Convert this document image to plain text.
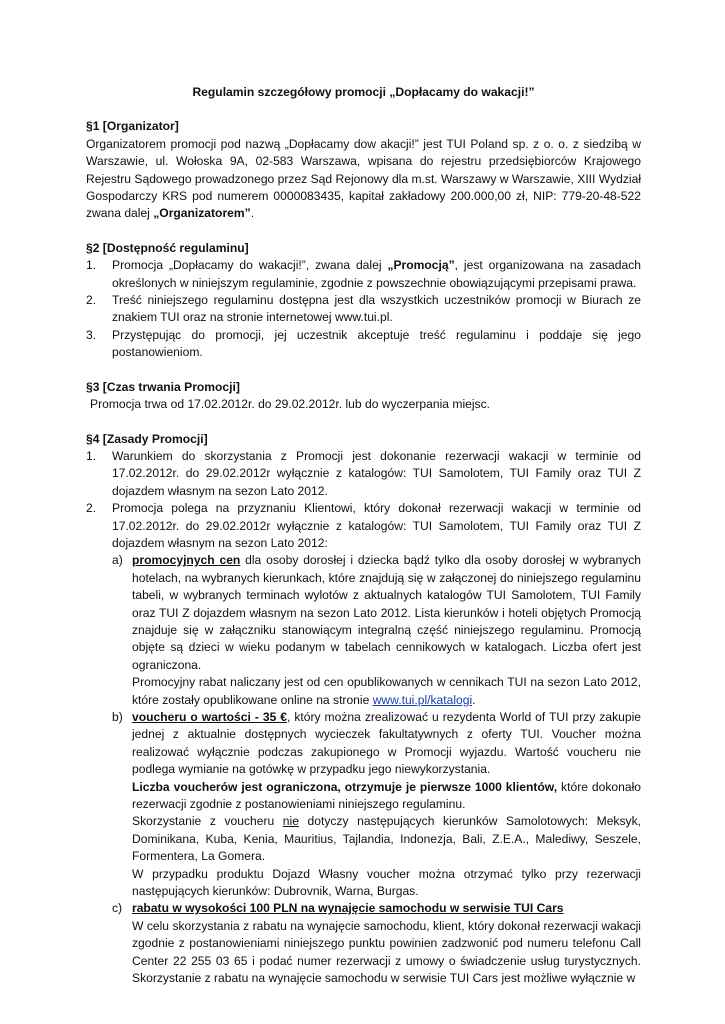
Regulamin szczegółowy promocji „Dopłacamy do wakacji!”

§1 [Organizator]

Organizatorem promocji pod nazwą „Dopłacamy dow akacji!” jest TUI Poland sp. z o. o. z siedzibą w Warszawie, ul. Wołoska 9A, 02-583 Warszawa, wpisana do rejestru przedsiębiorców Krajowego Rejestru Sądowego prowadzonego przez Sąd Rejonowy dla m.st. Warszawy w Warszawie, XIII Wydział Gospodarczy KRS pod numerem 0000083435, kapitał zakładowy 200.000,00 zł, NIP: 779-20-48-522 zwana dalej „Organizatorem”.

§2 [Dostępność regulaminu]

1.	Promocja „Dopłacamy do wakacji!”, zwana dalej „Promocją”, jest organizowana na zasadach określonych w niniejszym regulaminie, zgodnie z powszechnie obowiązującymi przepisami prawa.
2.	Treść niniejszego regulaminu dostępna jest dla wszystkich uczestników promocji w Biurach ze znakiem TUI oraz na stronie internetowej www.tui.pl.
3.	Przystępując do promocji, jej uczestnik akceptuje treść regulaminu i poddaje się jego postanowieniom.

§3 [Czas trwania Promocji]

Promocja trwa od 17.02.2012r. do 29.02.2012r. lub do wyczerpania miejsc.

§4 [Zasady Promocji]

1.	Warunkiem do skorzystania z Promocji jest dokonanie rezerwacji wakacji w terminie od 17.02.2012r. do 29.02.2012r wyłącznie z katalogów: TUI Samolotem, TUI Family oraz TUI Z dojazdem własnym na sezon Lato 2012.
2.	Promocja polega na przyznaniu Klientowi, który dokonał rezerwacji wakacji w terminie od 17.02.2012r. do 29.02.2012r wyłącznie z katalogów: TUI Samolotem, TUI Family oraz TUI Z dojazdem własnym na sezon Lato 2012:
a) promocyjnych cen dla osoby dorosłej i dziecka bądź tylko dla osoby dorosłej w wybranych hotelach, na wybranych kierunkach, które znajdują się w załączonej do niniejszego regulaminu tabeli, w wybranych terminach wylotów z aktualnych katalogów TUI Samolotem, TUI Family oraz TUI Z dojazdem własnym na sezon Lato 2012. Lista kierunków i hoteli objętych Promocją znajduje się w załączniku stanowiącym integralną część niniejszego regulaminu. Promocją objęte są dzieci w wieku podanym w tabelach cennikowych w katalogach. Liczba ofert jest ograniczona.

Promocyjny rabat naliczany jest od cen opublikowanych w cennikach TUI na sezon Lato 2012, które zostały opublikowane online na stronie www.tui.pl/katalogi.

b) voucheru o wartości - 35 €, który można zrealizować u rezydenta World of TUI przy zakupie jednej z aktualnie dostępnych wycieczek fakultatywnych z oferty TUI. Voucher można realizować wyłącznie podczas zakupionego w Promocji wyjazdu. Wartość voucheru nie podlega wymianie na gotówkę w przypadku jego niewykorzystania.

Liczba voucherów jest ograniczona, otrzymuje je pierwsze 1000 klientów, które dokonało rezerwacji zgodnie z postanowieniami niniejszego regulaminu.

Skorzystanie z voucheru nie dotyczy następujących kierunków Samolotowych: Meksyk, Dominikana, Kuba, Kenia, Mauritius, Tajlandia, Indonezja, Bali, Z.E.A., Malediwy, Seszele, Formentera, La Gomera.

W przypadku produktu Dojazd Własny voucher można otrzymać tylko przy rezerwacji następujących kierunków: Dubrovnik, Warna, Burgas.

c) rabatu w wysokości 100 PLN na wynajęcie samochodu w serwisie TUI Cars

W celu skorzystania z rabatu na wynajęcie samochodu, klient, który dokonał rezerwacji wakacji zgodnie z postanowieniami niniejszego punktu powinien zadzwonić pod numeru telefonu Call Center 22 255 03 65 i podać numer rezerwacji z umowy o świadczenie usług turystycznych. Skorzystanie z rabatu na wynajęcie samochodu w serwisie TUI Cars jest możliwe wyłącznie w
